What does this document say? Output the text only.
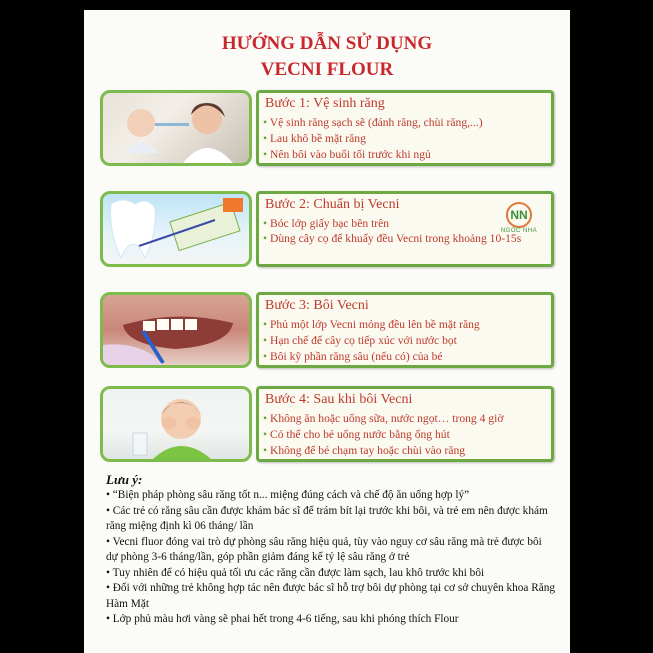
HƯỚNG DẪN SỬ DỤNG
VECNI FLOUR
Bước 1: Vệ sinh răng
• Vệ sinh răng sạch sẽ (đánh răng, chùi răng,...)
• Lau khô bề mặt răng
• Nên bôi vào buổi tối trước khi ngủ
Bước 2: Chuẩn bị Vecni
• Bóc lớp giấy bạc bên trên
• Dùng cây cọ để khuấy đều Vecni trong khoảng 10-15s
NN
NGOC NHA
Bước 3: Bôi Vecni
• Phủ một lớp Vecni mỏng đều lên bề mặt răng
• Hạn chế để cây cọ tiếp xúc với nước bọt
• Bôi kỹ phần răng sâu (nếu có) của bé
Bước 4: Sau khi bôi Vecni
• Không ăn hoặc uống sữa, nước ngọt… trong 4 giờ
• Có thể cho bé uống nước bằng ống hút
• Không để bé chạm tay hoặc chùi vào răng
Lưu ý:
• “Biện pháp phòng sâu răng tốt n... miệng đúng cách và chế độ ăn uống hợp lý”
• Các trẻ có răng sâu cần được khám bác sĩ để trám bít lại trước khi bôi, và trẻ em nên được khám răng miệng định kì 06 tháng/ lần
• Vecni fluor đóng vai trò dự phòng sâu răng hiệu quả, tùy vào nguy cơ sâu răng mà trẻ được bôi dự phòng 3-6 tháng/lần, góp phần giảm đáng kể tỷ lệ sâu răng ở trẻ
• Tuy nhiên để có hiệu quả tối ưu các răng cần được làm sạch, lau khô trước khi bôi
• Đối với những trẻ không hợp tác nên được bác sĩ hỗ trợ bôi dự phòng tại cơ sở chuyên khoa Răng Hàm Mặt
• Lớp phủ màu hơi vàng sẽ phai hết trong 4-6 tiếng, sau khi phóng thích Flour
